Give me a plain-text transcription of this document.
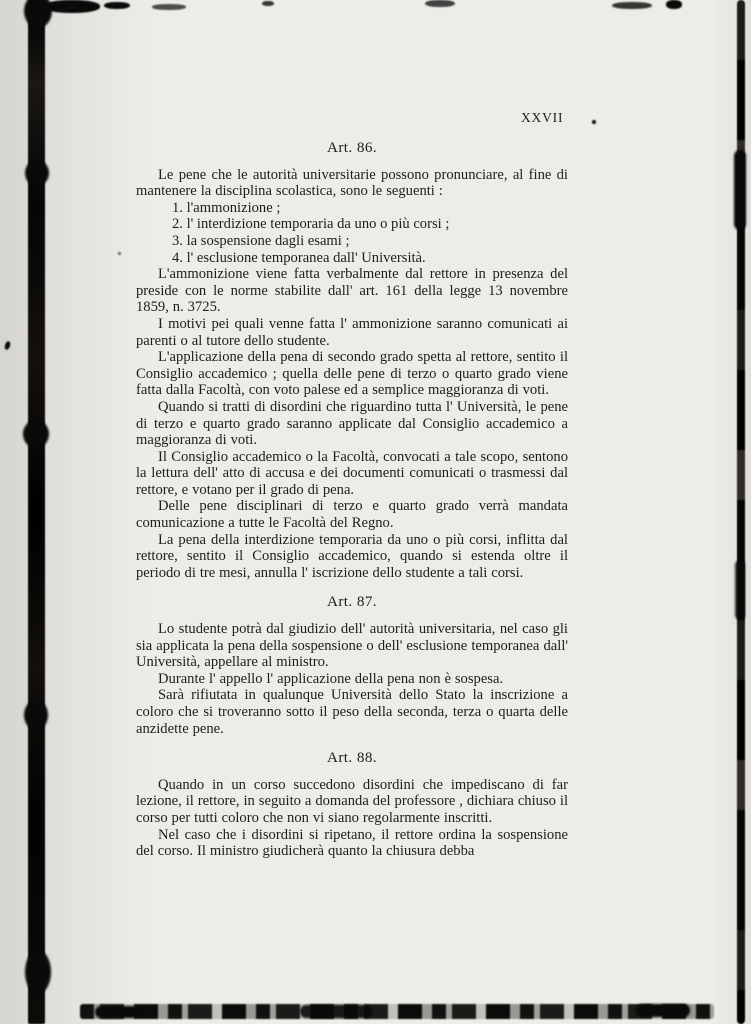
XXVII
Art. 86.

Le pene che le autorità universitarie possono pronunciare, al fine di mantenere la disciplina scolastica, sono le seguenti :

1. l'ammonizione ;

2. l' interdizione temporaria da uno o più corsi ;

3. la sospensione dagli esami ;

4. l' esclusione temporanea dall' Università.

L'ammonizione viene fatta verbalmente dal rettore in presenza del preside con le norme stabilite dall' art. 161 della legge 13 novembre 1859, n. 3725.

I motivi pei quali venne fatta l' ammonizione saranno comunicati ai parenti o al tutore dello studente.

L'applicazione della pena di secondo grado spetta al rettore, sentito il Consiglio accademico ; quella delle pene di terzo o quarto grado viene fatta dalla Facoltà, con voto palese ed a semplice maggioranza di voti.

Quando si tratti di disordini che riguardino tutta l' Università, le pene di terzo e quarto grado saranno applicate dal Consiglio accademico a maggioranza di voti.

Il Consiglio accademico o la Facoltà, convocati a tale scopo, sentono la lettura dell' atto di accusa e dei documenti comunicati o trasmessi dal rettore, e votano per il grado di pena.

Delle pene disciplinari di terzo e quarto grado verrà mandata comunicazione a tutte le Facoltà del Regno.

La pena della interdizione temporaria da uno o più corsi, inflitta dal rettore, sentito il Consiglio accademico, quando si estenda oltre il periodo di tre mesi, annulla l' iscrizione dello studente a tali corsi.

Art. 87.

Lo studente potrà dal giudizio dell' autorità universitaria, nel caso gli sia applicata la pena della sospensione o dell' esclusione temporanea dall' Università, appellare al ministro.

Durante l' appello l' applicazione della pena non è sospesa.

Sarà rifiutata in qualunque Università dello Stato la inscrizione a coloro che si troveranno sotto il peso della seconda, terza o quarta delle anzidette pene.

Art. 88.

Quando in un corso succedono disordini che impediscano di far lezione, il rettore, in seguito a domanda del professore , dichiara chiuso il corso per tutti coloro che non vi siano regolarmente inscritti.

Nel caso che i disordini si ripetano, il rettore ordina la sospensione del corso. Il ministro giudicherà quanto la chiusura debba
